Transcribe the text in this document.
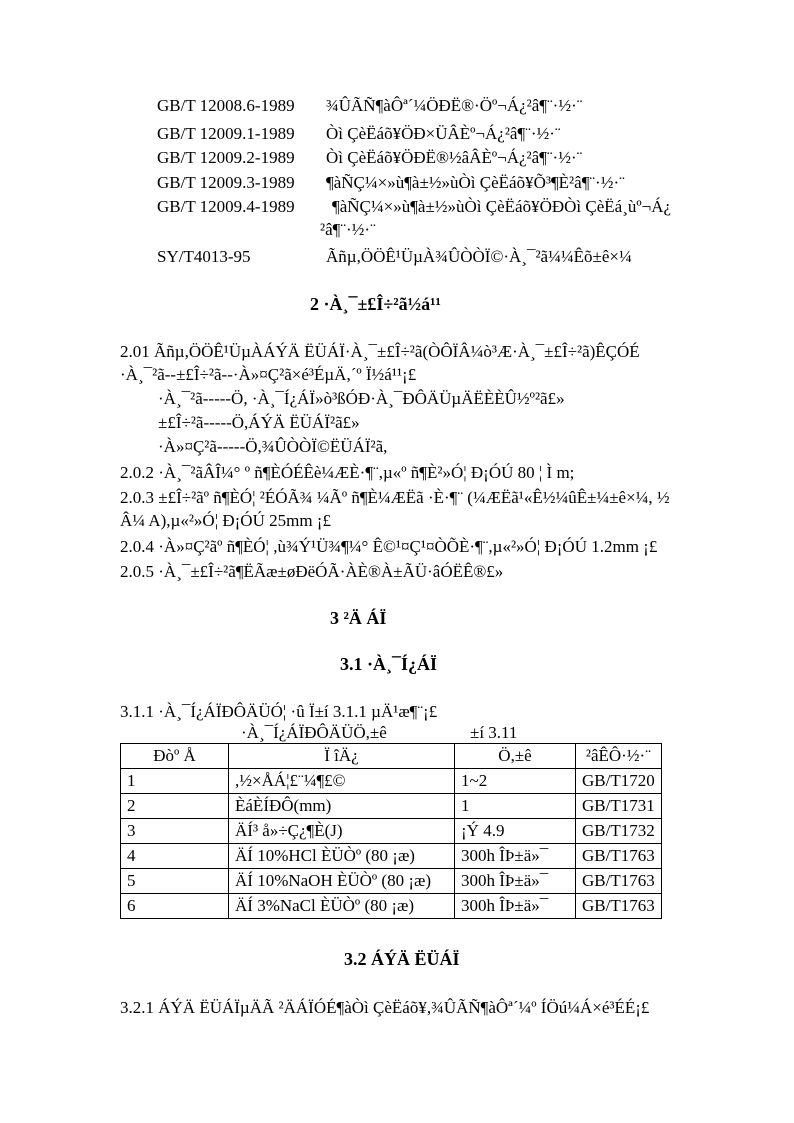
GB/T 12008.6-1989 ¾ÛÃÑ¶àÔª´¼ÖÐË®·Öº¬Á¿²â¶¨·½·¨
GB/T 12009.1-1989 Òì ÇèËáõ¥ÖÐ×ÜÂÈº¬Á¿²â¶¨·½·¨
GB/T 12009.2-1989 Òì ÇèËáõ¥ÖÐË®½âÂÈº¬Á¿²â¶¨·½·¨
GB/T 12009.3-1989 ¶àÑÇ¼×»ù¶à±½»ùÒì ÇèËáõ¥Õ³¶È²â¶¨·½·¨
GB/T 12009.4-1989 ¶àÑÇ¼×»ù¶à±½»ùÒì ÇèËáõ¥ÖÐÒì ÇèËá¸ùº¬Á¿
²â¶¨·½·¨
SY/T4013-95	Ãñµ,ÖÖÊ¹ÜµÀ¾ÛÒÒÏ©·À¸¯²ã¼¼Êõ±ê×¼
2 ·À¸¯±£Î÷²ã½á¹¹
2.01 Ãñµ,ÖÖÊ¹ÜµÀÁÝÄ ËÜÁÏ·À¸¯±£Î÷²ã(ÒÔÏÂ¼ò³Æ·À¸¯±£Î÷²ã)ÊÇÓÉ
·À¸¯²ã--±£Î÷²ã--·À»¤Ç²ã×é³ÉµÄ,´º Ï½á¹¹¡£
·À¸¯²ã-----Ö, ·À¸¯Í¿ÁÏ»ò³ßÓÐ·À¸¯ÐÔÄÜµÄËÈÈÛ½º²ã£»
±£Î÷²ã-----Ö,ÁÝÄ ËÜÁÏ²ã£»
·À»¤Ç²ã-----Ö,¾ÛÒÒÏ©ËÜÁÏ²ã,
2.0.2 ·À¸¯²ãÂÎ¼° º ñ¶ÈÓÉÊè¼ÆÈ·¶¨,µ«º ñ¶È²»Ó¦ Ð¡ÓÚ 80 ¦ Ì m;
2.0.3 ±£Î÷²ãº ñ¶ÈÓ¦ ²ÉÓÃ¾ ¼Ãº ñ¶È¼ÆËã ·È·¶¨ (¼ÆËã¹«Ê½¼ûÊ±¼±ê×¼, ½
Â¼ A),µ«²»Ó¦ Ð¡ÓÚ 25mm ¡£
2.0.4 ·À»¤Ç²ãº ñ¶ÈÓ¦ ,ù¾Ý¹Ü¾¶¼° Ê©¹¤Ç¹¤ÒÕÈ·¶¨,µ«²»Ó¦ Ð¡ÓÚ 1.2mm ¡£
2.0.5 ·À¸¯±£Î÷²ã¶ËÃæ±øÐëÓÃ·ÀÈ®À±ÃÜ·âÓËÊ®£»
3 ²Ä ÁÏ
3.1 ·À¸¯Í¿ÁÏ
3.1.1 ·À¸¯Í¿ÁÏÐÔÄÜÓ¦ ·û Ï±í 3.1.1 µÄ¹æ¶¨¡£
·À¸¯Í¿ÁÏÐÔÄÜÖ,±ê	±í 3.11
Ðòº Å	Ï îÄ¿	Ö,±ê	²âÊÔ·½·¨
1	,½×ÅÁ¦£¨¼¶£©	1~2	GB/T1720
2	ÈáÈÍÐÔ(mm)	1	GB/T1731
3	ÄÍ³ å»÷Ç¿¶È(J)	¡Ý 4.9	GB/T1732
4	ÄÍ 10%HCl ÈÜÒº (80 ¡æ)	300h ÎÞ±ä»¯	GB/T1763
5	ÄÍ 10%NaOH ÈÜÒº (80 ¡æ)	300h ÎÞ±ä»¯	GB/T1763
6	ÄÍ 3%NaCl ÈÜÒº (80 ¡æ)	300h ÎÞ±ä»¯	GB/T1763
3.2 ÁÝÄ ËÜÁÏ
3.2.1 ÁÝÄ ËÜÁÏµÄÃ ²ÄÁÏÓÉ¶àÒì ÇèËáõ¥,¾ÛÃÑ¶àÔª´¼º ÍÖú¼Á×é³ÉÉ¡£
